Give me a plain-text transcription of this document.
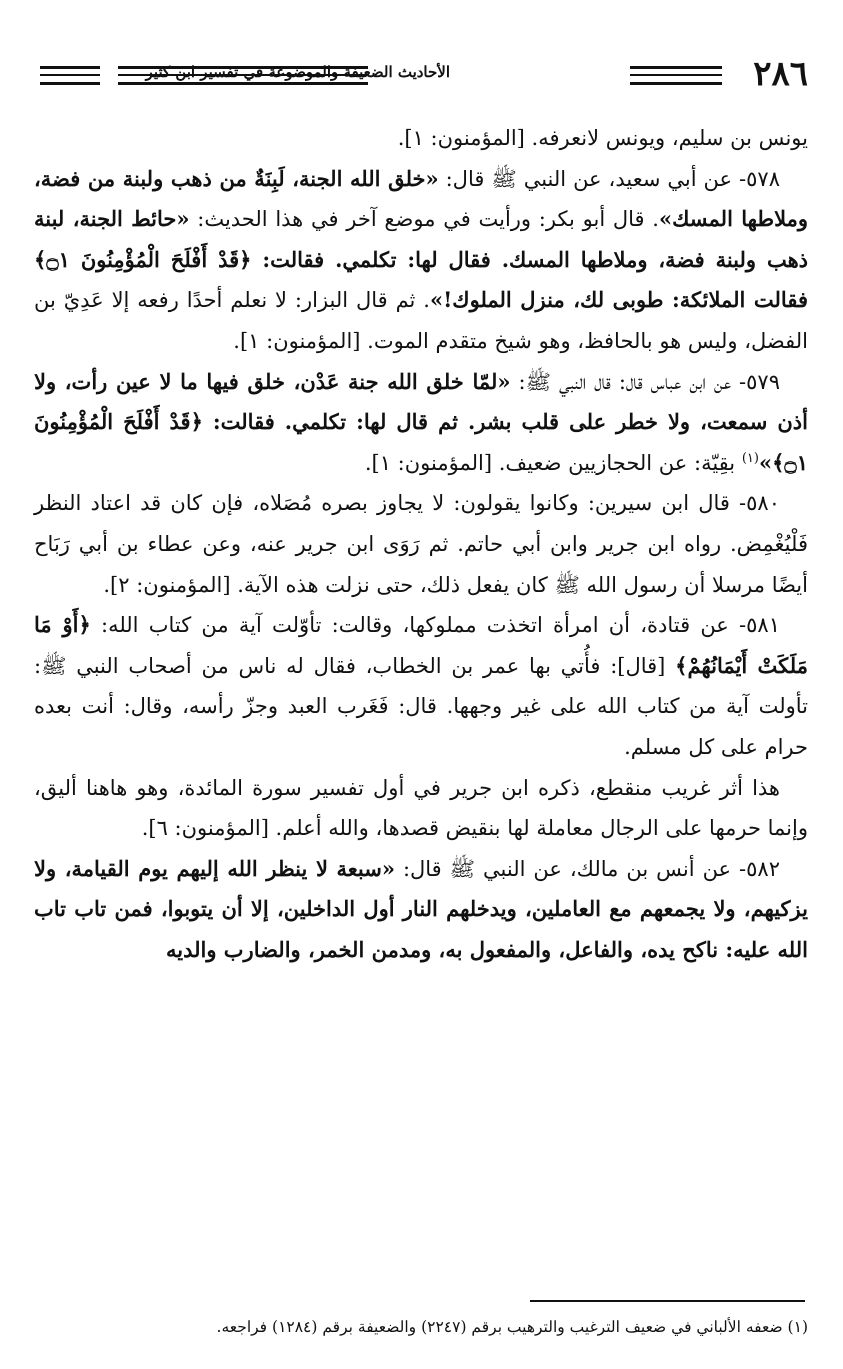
٢٨٦
الأحاديث الضعيفة والموضوعة في تفسير ابن كثير

يونس بن سليم، ويونس لانعرفه. [المؤمنون: ١].

٥٧٨- عن أبي سعيد، عن النبي ﷺ قال: «خلق الله الجنة، لَبِنَةٌ من ذهب ولبنة من فضة، وملاطها المسك». قال أبو بكر: ورأيت في موضع آخر في هذا الحديث: «حائط الجنة، لبنة ذهب ولبنة فضة، وملاطها المسك. فقال لها: تكلمي. فقالت: ﴿قَدْ أَفْلَحَ الْمُؤْمِنُونَ ۝١﴾ فقالت الملائكة: طوبى لك، منزل الملوك!». ثم قال البزار: لا نعلم أحدًا رفعه إلا عَدِيّ بن الفضل، وليس هو بالحافظ، وهو شيخ متقدم الموت. [المؤمنون: ١].

٥٧٩- عن ابن عباس قال: قال النبي ﷺ: «لمّا خلق الله جنة عَدْن، خلق فيها ما لا عين رأت، ولا أذن سمعت، ولا خطر على قلب بشر. ثم قال لها: تكلمي. فقالت: ﴿قَدْ أَفْلَحَ الْمُؤْمِنُونَ ۝١﴾»$^{(١)}$ بقِيّة: عن الحجازيين ضعيف. [المؤمنون: ١].

٥٨٠- قال ابن سيرين: وكانوا يقولون: لا يجاوز بصره مُصَلاه، فإن كان قد اعتاد النظر فَلْيُغْمِض. رواه ابن جرير وابن أبي حاتم. ثم رَوَى ابن جرير عنه، وعن عطاء بن أبي رَبَاح أيضًا مرسلا أن رسول الله ﷺ كان يفعل ذلك، حتى نزلت هذه الآية. [المؤمنون: ٢].

٥٨١- عن قتادة، أن امرأة اتخذت مملوكها، وقالت: تأوّلت آية من كتاب الله: ﴿أَوْ مَا مَلَكَتْ أَيْمَانُهُمْ﴾ [قال]: فأُتي بها عمر بن الخطاب، فقال له ناس من أصحاب النبي ﷺ: تأولت آية من كتاب الله على غير وجهها. قال: فَغَرب العبد وجزّ رأسه، وقال: أنت بعده حرام على كل مسلم.

هذا أثر غريب منقطع، ذكره ابن جرير في أول تفسير سورة المائدة، وهو هاهنا أليق، وإنما حرمها على الرجال معاملة لها بنقيض قصدها، والله أعلم. [المؤمنون: ٦].

٥٨٢- عن أنس بن مالك، عن النبي ﷺ قال: «سبعة لا ينظر الله إليهم يوم القيامة، ولا يزكيهم، ولا يجمعهم مع العاملين، ويدخلهم النار أول الداخلين، إلا أن يتوبوا، فمن تاب تاب الله عليه: ناكح يده، والفاعل، والمفعول به، ومدمن الخمر، والضارب والديه

(١) ضعفه الألباني في ضعيف الترغيب والترهيب برقم (٢٢٤٧) والضعيفة برقم (١٢٨٤) فراجعه.
